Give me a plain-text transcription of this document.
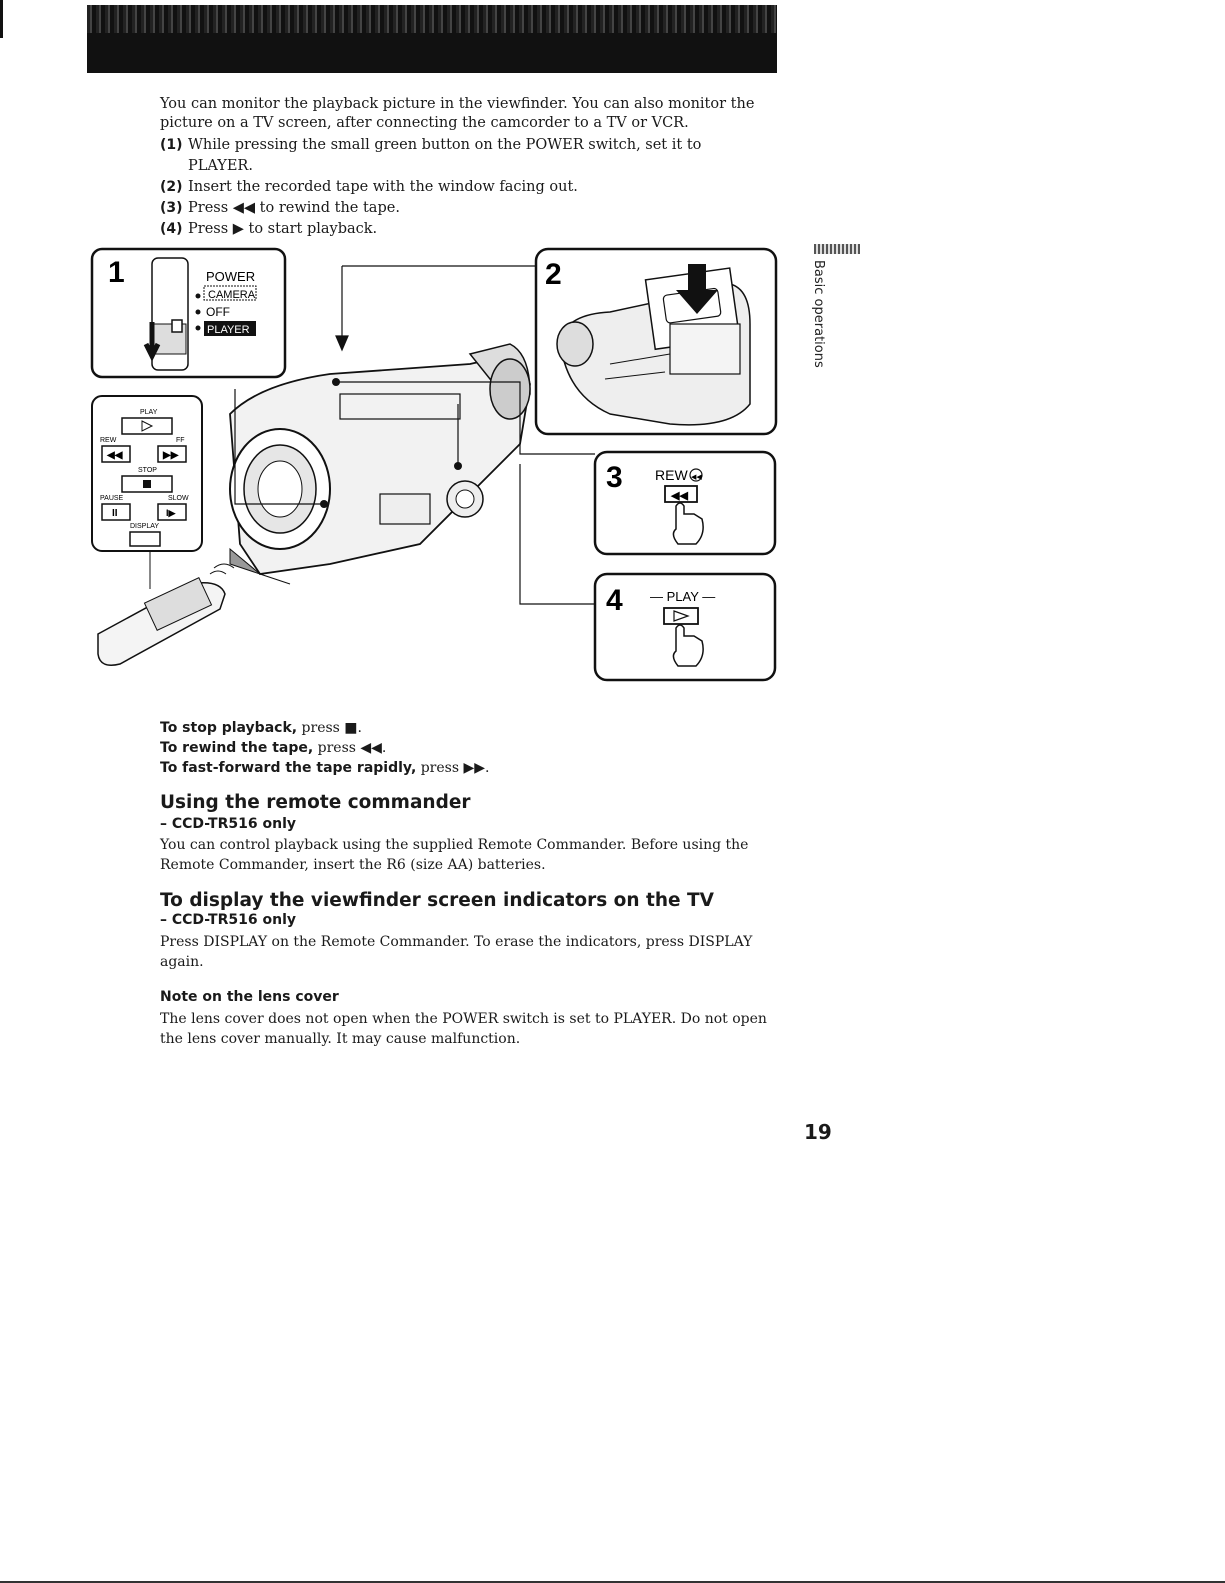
You can monitor the playback picture in the viewfinder. You can also monitor the

picture on a TV screen, after connecting the camcorder to a TV or VCR.

(1) While pressing the small green button on the POWER switch, set it to PLAYER.
(2) Insert the recorded tape with the window facing out.
(3) Press ◀◀ to rewind the tape.
(4) Press ▶ to start playback.
1	POWER
CAMERA
OFF
PLAYER
2
PLAY
REW	FF
◀◀	▶▶
STOP
PAUSE	SLOW
II	I▶
DISPLAY
3 REW ◀◀
◀◀
4 — PLAY —
Basic operations

To stop playback, press ■.

To rewind the tape, press ◀◀.

To fast-forward the tape rapidly, press ▶▶.

Using the remote commander
– CCD-TR516 only

You can control playback using the supplied Remote Commander. Before using the Remote Commander, insert the R6 (size AA) batteries.

To display the viewfinder screen indicators on the TV
– CCD-TR516 only

Press DISPLAY on the Remote Commander. To erase the indicators, press DISPLAY again.

Note on the lens cover

The lens cover does not open when the POWER switch is set to PLAYER. Do not open the lens cover manually. It may cause malfunction.

19
